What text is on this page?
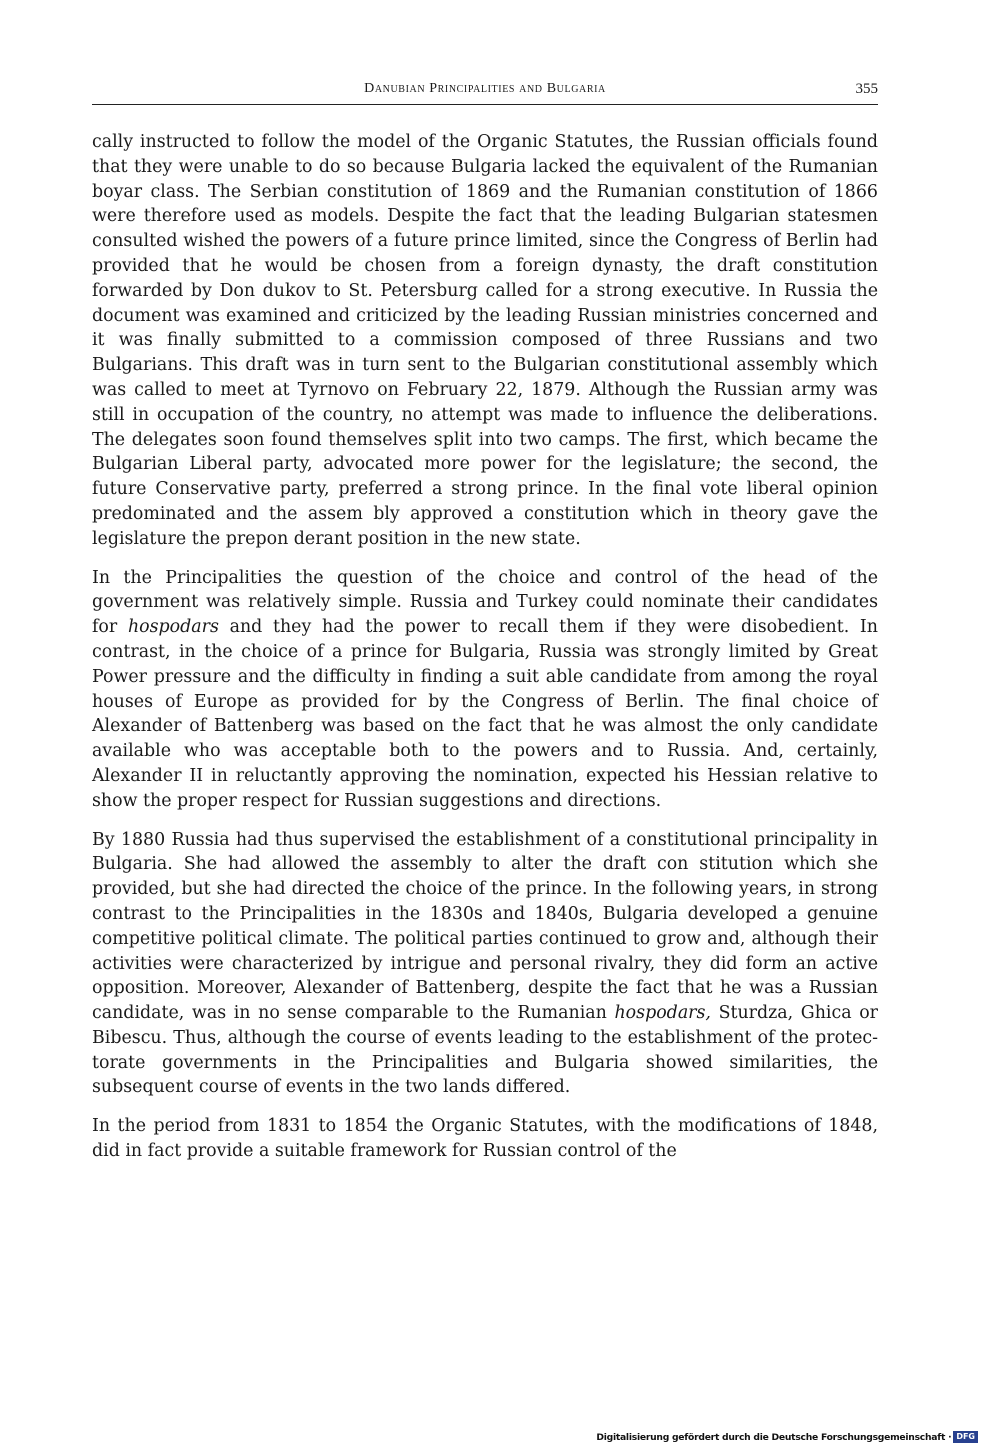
Danubian Principalities and Bulgaria	355

cally instructed to follow the model of the Organic Statutes, the Russian officials found that they were unable to do so because Bulgaria lacked the equivalent of the Rumanian boyar class. The Serbian constitution of 1869 and the Rumanian constitution of 1866 were therefore used as models. Despite the fact that the leading Bulgarian statesmen consulted wished the powers of a future prince limited, since the Congress of Berlin had provided that he would be chosen from a foreign dynasty, the draft constitution forwarded by Don dukov to St. Petersburg called for a strong executive. In Russia the document was examined and criticized by the leading Russian ministries concerned and it was finally submitted to a commission composed of three Russians and two Bulgarians. This draft was in turn sent to the Bulgarian constitutional assembly which was called to meet at Tyrnovo on February 22, 1879. Although the Russian army was still in occupation of the country, no attempt was made to influence the deliberations. The delegates soon found themselves split into two camps. The first, which became the Bulgarian Liberal party, advocated more power for the legislature; the second, the future Conservative party, preferred a strong prince. In the final vote liberal opinion predominated and the assem bly approved a constitution which in theory gave the legislature the prepon derant position in the new state.

In the Principalities the question of the choice and control of the head of the government was relatively simple. Russia and Turkey could nominate their candidates for hospodars and they had the power to recall them if they were disobedient. In contrast, in the choice of a prince for Bulgaria, Russia was strongly limited by Great Power pressure and the difficulty in finding a suit able candidate from among the royal houses of Europe as provided for by the Congress of Berlin. The final choice of Alexander of Battenberg was based on the fact that he was almost the only candidate available who was acceptable both to the powers and to Russia. And, certainly, Alexander II in reluctantly approving the nomination, expected his Hessian relative to show the proper respect for Russian suggestions and directions.

By 1880 Russia had thus supervised the establishment of a constitutional principality in Bulgaria. She had allowed the assembly to alter the draft con stitution which she provided, but she had directed the choice of the prince. In the following years, in strong contrast to the Principalities in the 1830s and 1840s, Bulgaria developed a genuine competitive political climate. The political parties continued to grow and, although their activities were characterized by intrigue and personal rivalry, they did form an active opposition. Moreover, Alexander of Battenberg, despite the fact that he was a Russian candidate, was in no sense comparable to the Rumanian hospodars, Sturdza, Ghica or Bibescu. Thus, although the course of events leading to the establishment of the protec torate governments in the Principalities and Bulgaria showed similarities, the subsequent course of events in the two lands differed.

In the period from 1831 to 1854 the Organic Statutes, with the modifications of 1848, did in fact provide a suitable framework for Russian control of the

Digitalisierung gefördert durch die Deutsche Forschungsgemeinschaft · DFG
